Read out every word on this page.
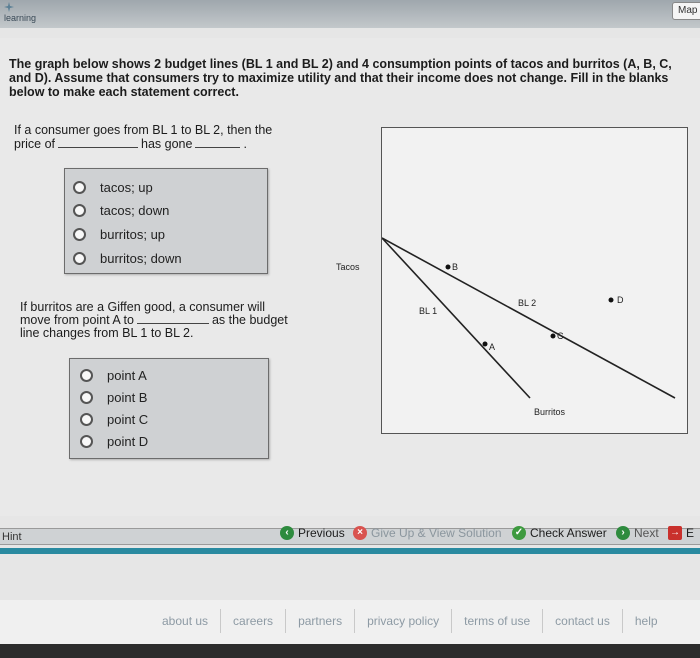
learning
Map
The graph below shows 2 budget lines (BL 1 and BL 2) and 4 consumption points of tacos and burritos (A, B, C, and D). Assume that consumers try to maximize utility and that their income does not change. Fill in the blanks below to make each statement correct.
If a consumer goes from BL 1 to BL 2, then the
price of	has gone	.
tacos; up
tacos; down
burritos; up
burritos; down
If burritos are a Giffen good, a consumer will
move from point A to	as the budget
line changes from BL 1 to BL 2.
point A
point B
point C
point D
Tacos
BL 1
BL 2
B
A
C
D
Burritos
Hint	‹ Previous	× Give Up & View Solution ✓ Check Answer	› Next → E
about us	careers	partners	privacy policy	terms of use	contact us	help
